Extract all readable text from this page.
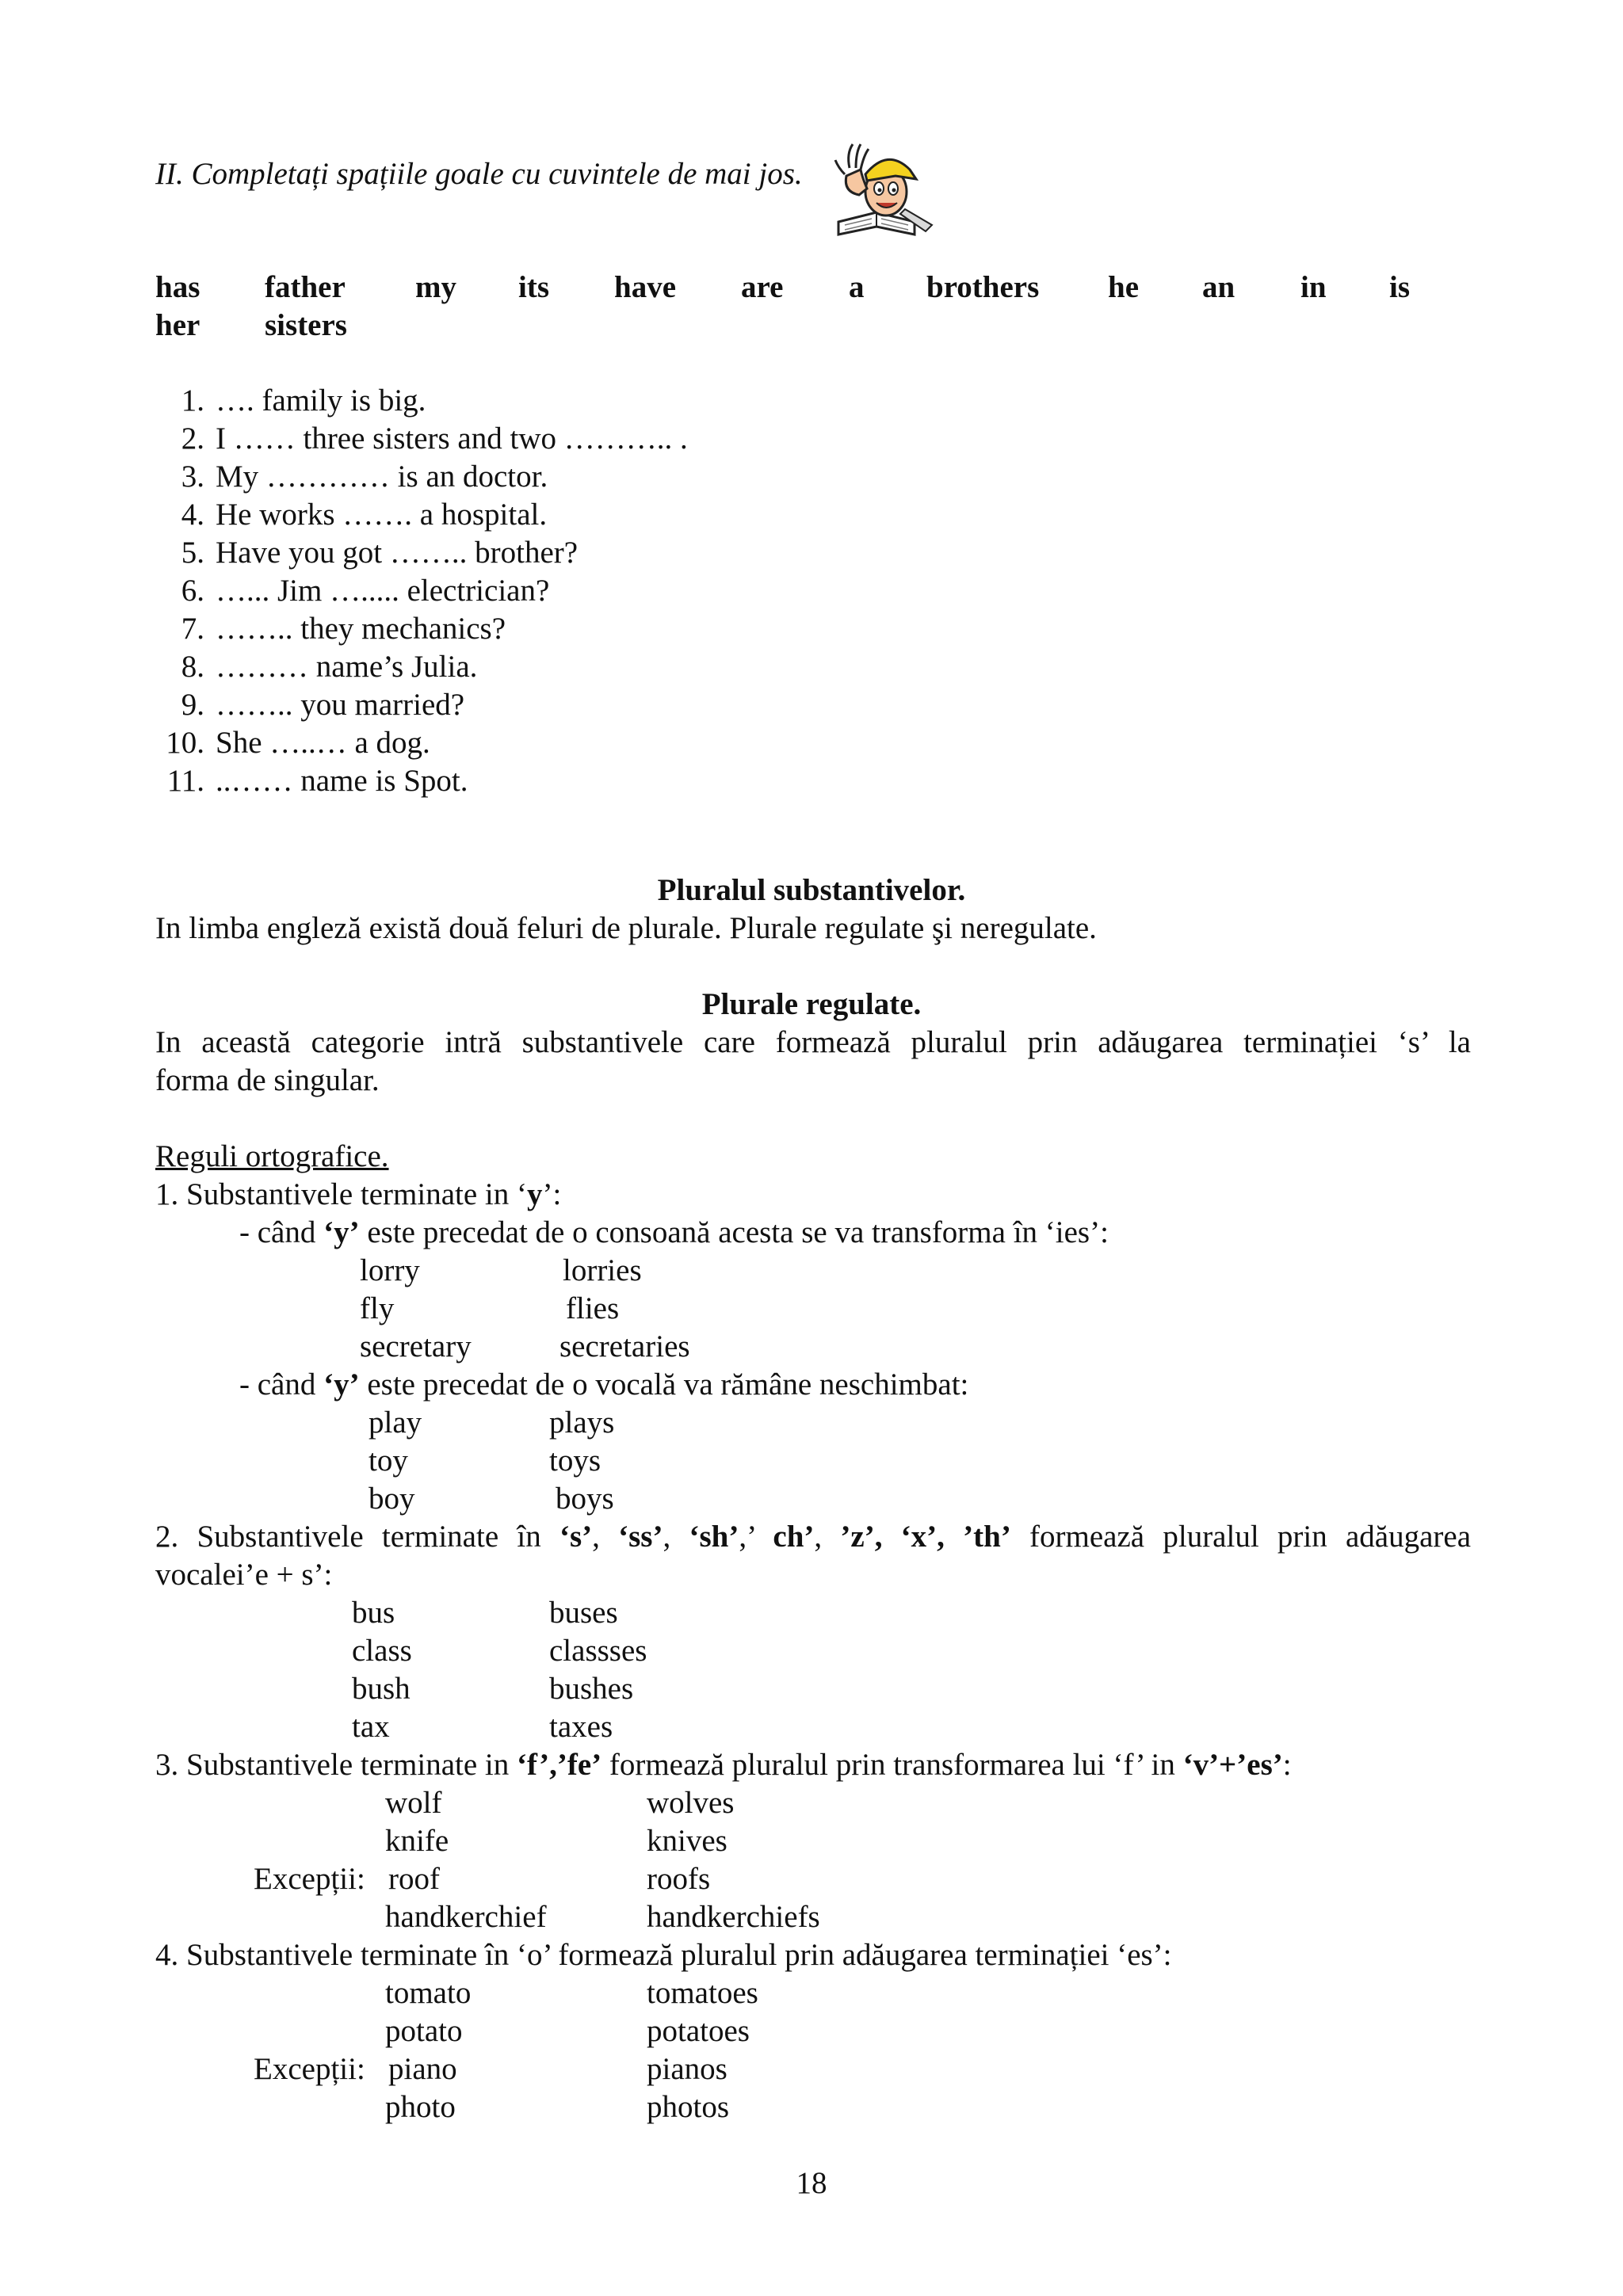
II. Completați spațiile goale cu cuvintele de mai jos.
has father my its have are a brothers he an in is
her sisters
1. …. family is big.
2. I …… three sisters and two ……….. .
3. My ………… is an doctor.
4. He works ……. a hospital.
5. Have you got …….. brother?
6. …... Jim …..... electrician?
7. …….. they mechanics?
8. ……… name’s Julia.
9. …….. you married?
10. She …..… a dog.
11. ..…… name is Spot.
Pluralul substantivelor.
In limba engleză există două feluri de plurale. Plurale regulate şi neregulate.
Plurale regulate.
In această categorie intră substantivele care formează pluralul prin adăugarea terminației ‘s’ la
forma de singular.
Reguli ortografice.
1. Substantivele terminate in ‘y’:
- când ‘y’ este precedat de o consoană acesta se va transforma în ‘ies’:
lorry	lorries
fly	flies
secretary	secretaries
- când ‘y’ este precedat de o vocală va rămâne neschimbat:
play	plays
toy	toys
boy	boys
2. Substantivele terminate în ‘s’, ‘ss’, ‘sh’,’ ch’, ’z’, ‘x’, ’th’ formează pluralul prin adăugarea
vocalei’e + s’:
bus	buses
class	classses
bush	bushes
tax	taxes
3. Substantivele terminate in ‘f’,’fe’ formează pluralul prin transformarea lui ‘f’ in ‘v’+’es’:
wolf	wolves
knife	knives
Excepții: roof	roofs
handkerchief	handkerchiefs
4. Substantivele terminate în ‘o’ formează pluralul prin adăugarea terminației ‘es’:
tomato	tomatoes
potato	potatoes
Excepții: piano	pianos
photo	photos
18
